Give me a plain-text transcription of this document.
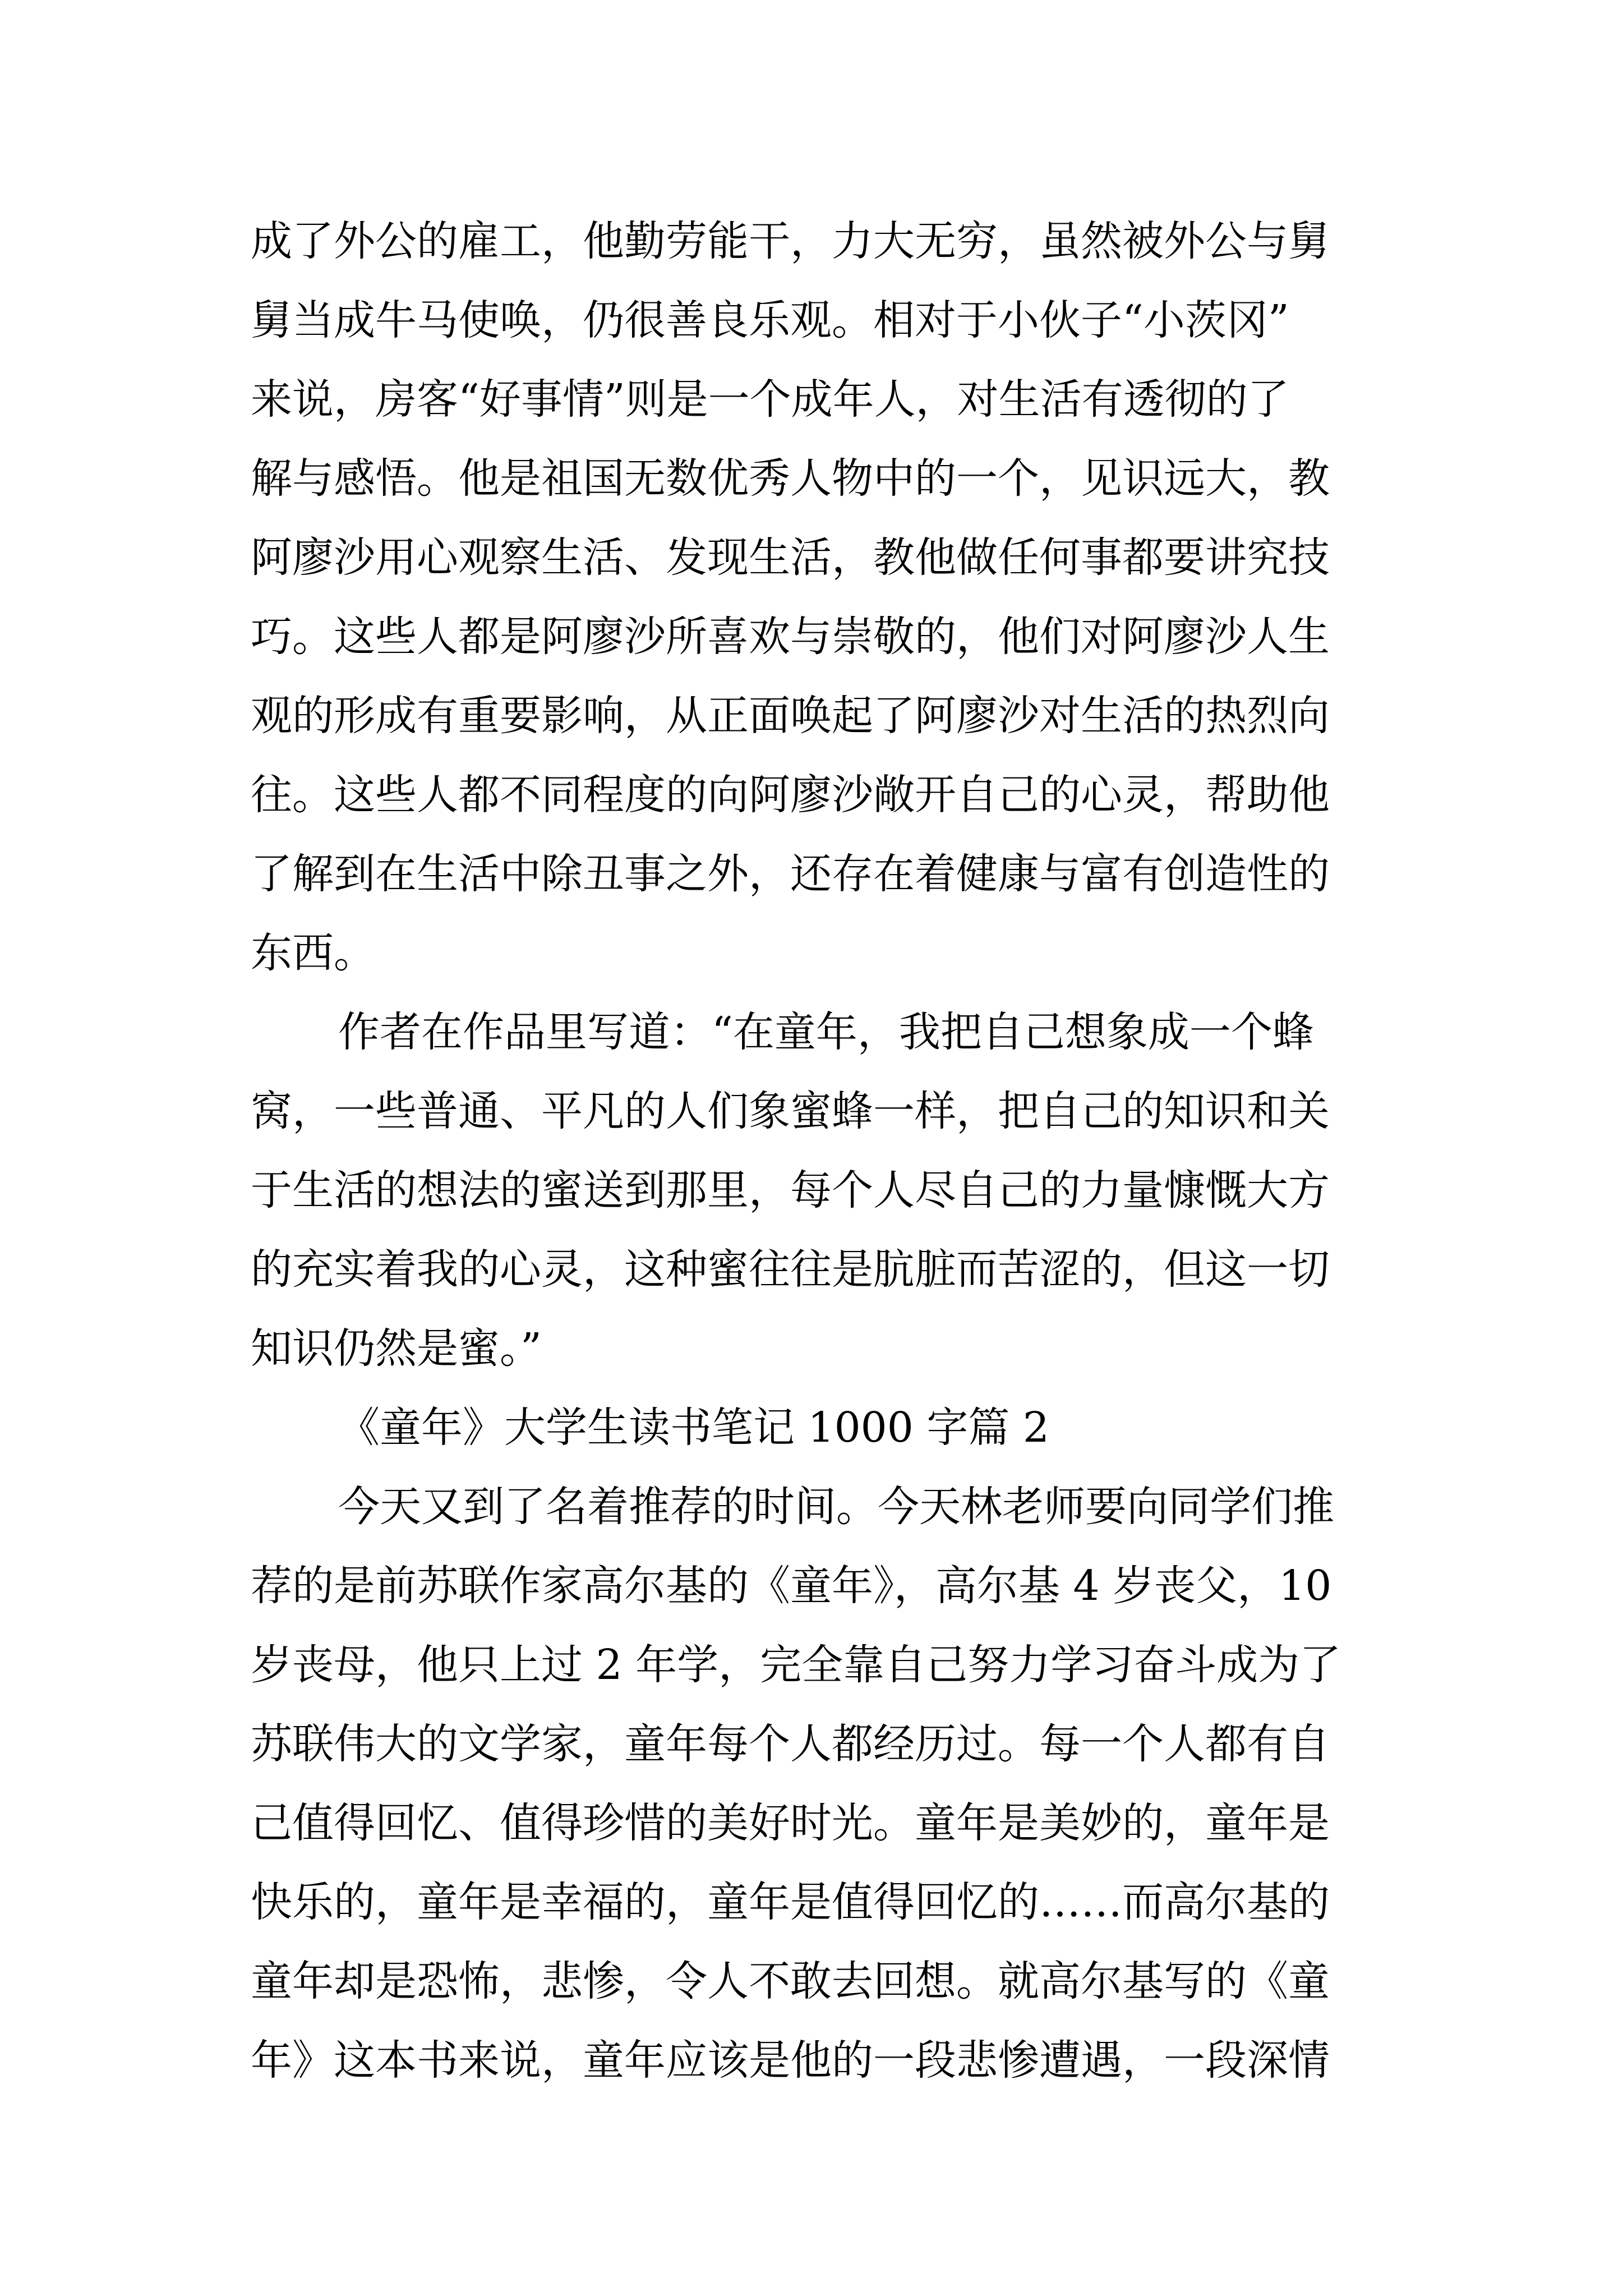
成了外公的雇工，他勤劳能干，力大无穷，虽然被外公与舅
舅当成牛马使唤，仍很善良乐观。相对于小伙子“小茨冈”
来说，房客“好事情”则是一个成年人，对生活有透彻的了
解与感悟。他是祖国无数优秀人物中的一个，见识远大，教
阿廖沙用心观察生活、发现生活，教他做任何事都要讲究技
巧。这些人都是阿廖沙所喜欢与崇敬的，他们对阿廖沙人生
观的形成有重要影响，从正面唤起了阿廖沙对生活的热烈向
往。这些人都不同程度的向阿廖沙敞开自己的心灵，帮助他
了解到在生活中除丑事之外，还存在着健康与富有创造性的
东西。
作者在作品里写道：“在童年，我把自己想象成一个蜂
窝，一些普通、平凡的人们象蜜蜂一样，把自己的知识和关
于生活的想法的蜜送到那里，每个人尽自己的力量慷慨大方
的充实着我的心灵，这种蜜往往是肮脏而苦涩的，但这一切
知识仍然是蜜。”
《童年》大学生读书笔记 1000 字篇 2
今天又到了名着推荐的时间。今天林老师要向同学们推
荐的是前苏联作家高尔基的《童年》，高尔基 4 岁丧父，10
岁丧母，他只上过 2 年学，完全靠自己努力学习奋斗成为了
苏联伟大的文学家，童年每个人都经历过。每一个人都有自
己值得回忆、值得珍惜的美好时光。童年是美妙的，童年是
快乐的，童年是幸福的，童年是值得回忆的……而高尔基的
童年却是恐怖，悲惨，令人不敢去回想。就高尔基写的《童
年》这本书来说，童年应该是他的一段悲惨遭遇，一段深情
